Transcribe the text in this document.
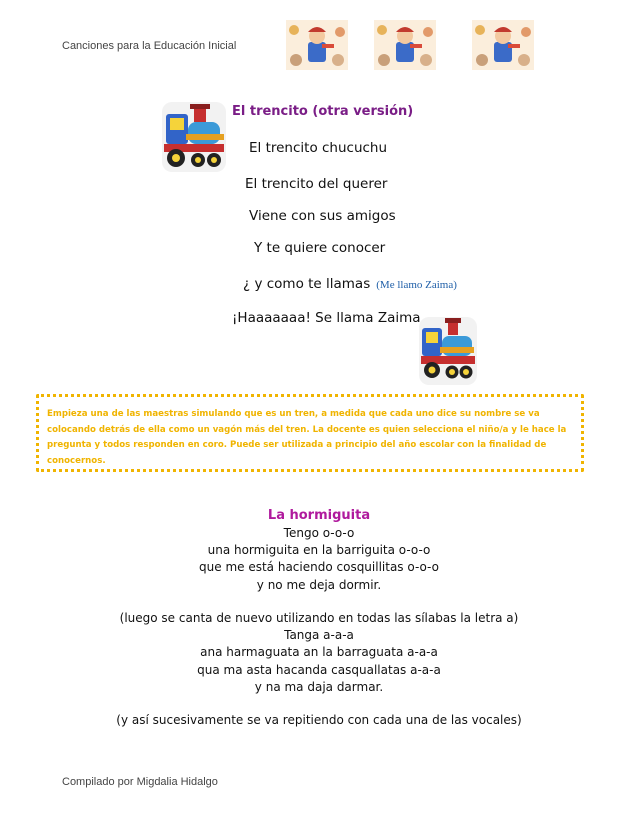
Canciones para la Educación Inicial
Compilado por Migdalia Hidalgo
El trencito (otra versión)
El trencito chucuchu
El trencito del querer
Viene con sus amigos
Y te quiere conocer
¿ y como te llamas (Me llamo Zaima)
¡Haaaaaaa! Se llama Zaima

Empieza una de las maestras simulando que es un tren, a medida que cada uno dice su nombre se va colocando detrás de ella como un vagón más del tren. La docente es quien selecciona el niño/a y le hace la pregunta y todos responden en coro. Puede ser utilizada a principio del año escolar con la finalidad de conocernos.

La hormiguita
Tengo o-o-o
una hormiguita en la barriguita o-o-o
que me está haciendo cosquillitas o-o-o
y no me deja dormir.
(luego se canta de nuevo utilizando en todas las sílabas la letra a)
Tanga a-a-a
ana harmaguata an la barraguata a-a-a
qua ma asta hacanda casquallatas a-a-a
y na ma daja darmar.
(y así sucesivamente se va repitiendo con cada una de las vocales)
